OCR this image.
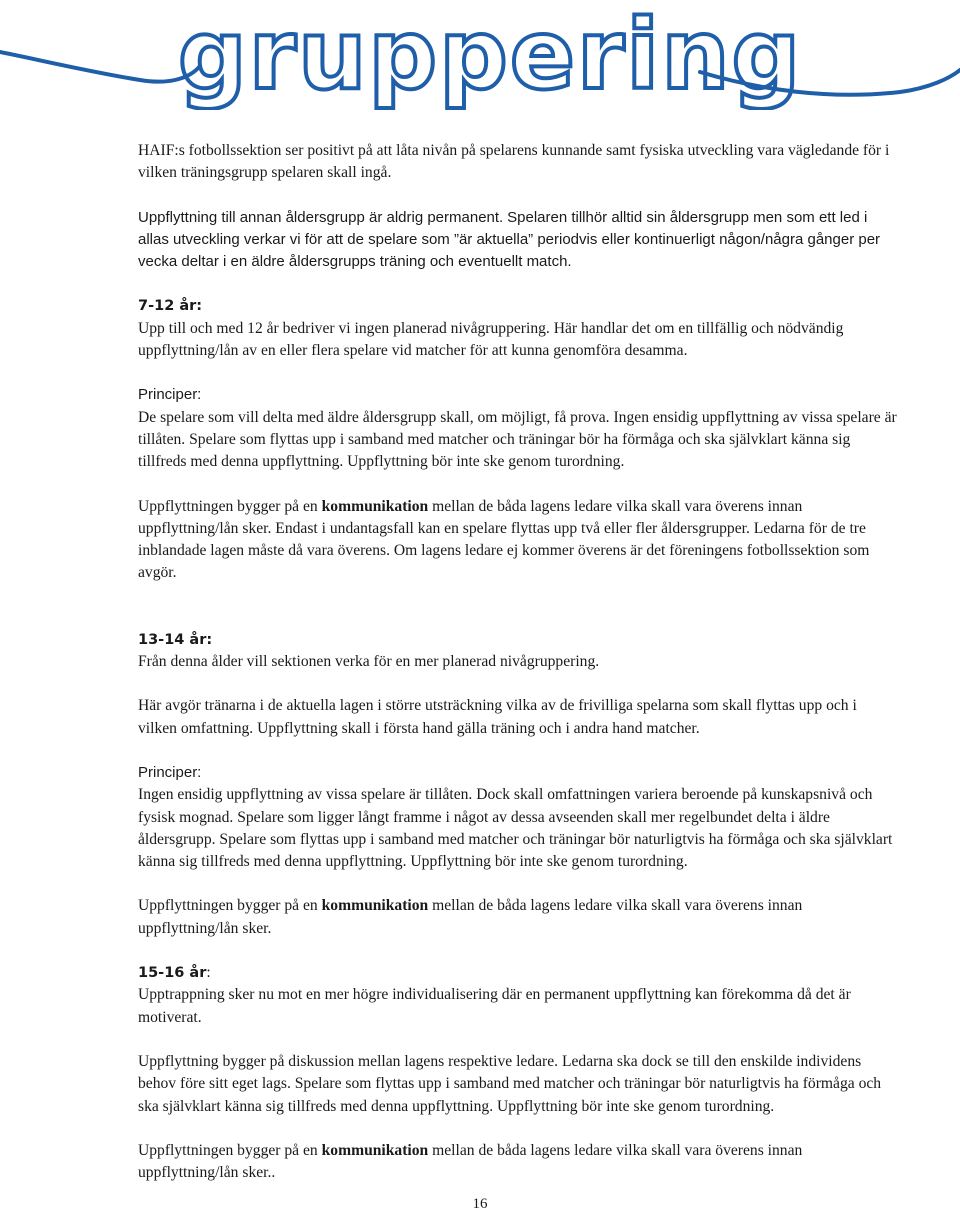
gruppering

HAIF:s fotbollssektion ser positivt på att låta nivån på spelarens kunnande samt fysiska utveckling vara vägledande för i vilken träningsgrupp spelaren skall ingå.

Uppflyttning till annan åldersgrupp är aldrig permanent. Spelaren tillhör alltid sin åldersgrupp men som ett led i allas utveckling verkar vi för att de spelare som ”är aktuella” periodvis eller kontinuerligt någon/några gånger per vecka deltar i en äldre åldersgrupps träning och eventuellt match.

7-12 år:

Upp till och med 12 år bedriver vi ingen planerad nivågruppering. Här handlar det om en tillfällig och nödvändig uppflyttning/lån av en eller flera spelare vid matcher för att kunna genomföra desamma.

Principer:

De spelare som vill delta med äldre åldersgrupp skall, om möjligt, få prova. Ingen ensidig uppflyttning av vissa spelare är tillåten. Spelare som flyttas upp i samband med matcher och träningar bör ha förmåga och ska självklart känna sig tillfreds med denna uppflyttning. Uppflyttning bör inte ske genom turordning.

Uppflyttningen bygger på en kommunikation mellan de båda lagens ledare vilka skall vara överens innan uppflyttning/lån sker. Endast i undantagsfall kan en spelare flyttas upp två eller fler åldersgrupper. Ledarna för de tre inblandade lagen måste då vara överens. Om lagens ledare ej kommer överens är det föreningens fotbollssektion som avgör.

13-14 år:

Från denna ålder vill sektionen verka för en mer planerad nivågruppering.

Här avgör tränarna i de aktuella lagen i större utsträckning vilka av de frivilliga spelarna som skall flyttas upp och i vilken omfattning. Uppflyttning skall i första hand gälla träning och i andra hand matcher.

Principer:

Ingen ensidig uppflyttning av vissa spelare är tillåten. Dock skall omfattningen variera beroende på kunskapsnivå och fysisk mognad. Spelare som ligger långt framme i något av dessa avseenden skall mer regelbundet delta i äldre åldersgrupp. Spelare som flyttas upp i samband med matcher och träningar bör naturligtvis ha förmåga och ska självklart känna sig tillfreds med denna uppflyttning. Uppflyttning bör inte ske genom turordning.

Uppflyttningen bygger på en kommunikation mellan de båda lagens ledare vilka skall vara överens innan uppflyttning/lån sker.

15-16 år:

Upptrappning sker nu mot en mer högre individualisering där en permanent uppflyttning kan förekomma då det är motiverat.

Uppflyttning bygger på diskussion mellan lagens respektive ledare. Ledarna ska dock se till den enskilde individens behov före sitt eget lags. Spelare som flyttas upp i samband med matcher och träningar bör naturligtvis ha förmåga och ska självklart känna sig tillfreds med denna uppflyttning. Uppflyttning bör inte ske genom turordning.

Uppflyttningen bygger på en kommunikation mellan de båda lagens ledare vilka skall vara överens innan uppflyttning/lån sker..

16
